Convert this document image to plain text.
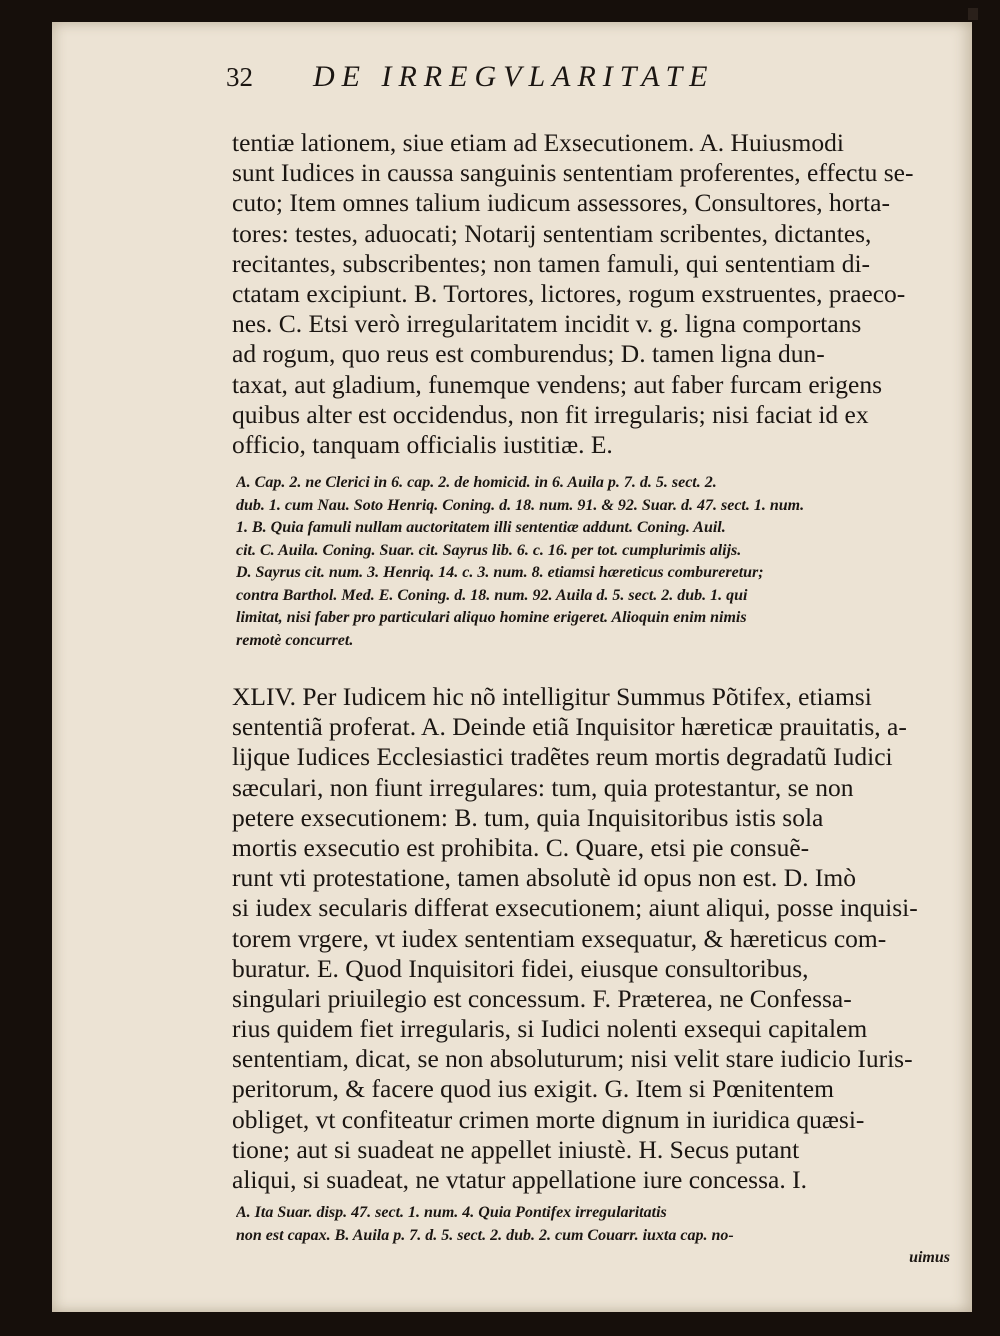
32 DE IRREGVLARITATE
tentiæ lationem, siue etiam ad Exsecutionem. A. Huiusmodi
sunt Iudices in caussa sanguinis sententiam proferentes, effectu se-
cuto; Item omnes talium iudicum assessores, Consultores, horta-
tores: testes, aduocati; Notarij sententiam scribentes, dictantes,
recitantes, subscribentes; non tamen famuli, qui sententiam di-
ctatam excipiunt. B. Tortores, lictores, rogum exstruentes, praeco-
nes. C. Etsi verò irregularitatem incidit v. g. ligna comportans
ad rogum, quo reus est comburendus; D. tamen ligna dun-
taxat, aut gladium, funemque vendens; aut faber furcam erigens
quibus alter est occidendus, non fit irregularis; nisi faciat id ex
officio, tanquam officialis iustitiæ. E.
A. Cap. 2. ne Clerici in 6. cap. 2. de homicid. in 6. Auila p. 7. d. 5. sect. 2.
dub. 1. cum Nau. Soto Henriq. Coning. d. 18. num. 91. & 92. Suar. d. 47. sect. 1. num.
1. B. Quia famuli nullam auctoritatem illi sententiæ addunt. Coning. Auil.
cit. C. Auila. Coning. Suar. cit. Sayrus lib. 6. c. 16. per tot. cumplurimis alijs.
D. Sayrus cit. num. 3. Henriq. 14. c. 3. num. 8. etiamsi hæreticus combureretur;
contra Barthol. Med. E. Coning. d. 18. num. 92. Auila d. 5. sect. 2. dub. 1. qui
limitat, nisi faber pro particulari aliquo homine erigeret. Alioquin enim nimis
remotè concurret.
XLIV. Per Iudicem hic nõ intelligitur Summus Põtifex, etiamsi
sententiã proferat. A. Deinde etiã Inquisitor hæreticæ prauitatis, a-
lijque Iudices Ecclesiastici tradẽtes reum mortis degradatũ Iudici
sæculari, non fiunt irregulares: tum, quia protestantur, se non
petere exsecutionem: B. tum, quia Inquisitoribus istis sola
mortis exsecutio est prohibita. C. Quare, etsi pie consuẽ-
runt vti protestatione, tamen absolutè id opus non est. D. Imò
si iudex secularis differat exsecutionem; aiunt aliqui, posse inquisi-
torem vrgere, vt iudex sententiam exsequatur, & hæreticus com-
buratur. E. Quod Inquisitori fidei, eiusque consultoribus,
singulari priuilegio est concessum. F. Præterea, ne Confessa-
rius quidem fiet irregularis, si Iudici nolenti exsequi capitalem
sententiam, dicat, se non absoluturum; nisi velit stare iudicio Iuris-
peritorum, & facere quod ius exigit. G. Item si Pœnitentem
obliget, vt confiteatur crimen morte dignum in iuridica quæsi-
tione; aut si suadeat ne appellet iniustè. H. Secus putant
aliqui, si suadeat, ne vtatur appellatione iure concessa. I.
A. Ita Suar. disp. 47. sect. 1. num. 4. Quia Pontifex irregularitatis
non est capax. B. Auila p. 7. d. 5. sect. 2. dub. 2. cum Couarr. iuxta cap. no-
uimus
